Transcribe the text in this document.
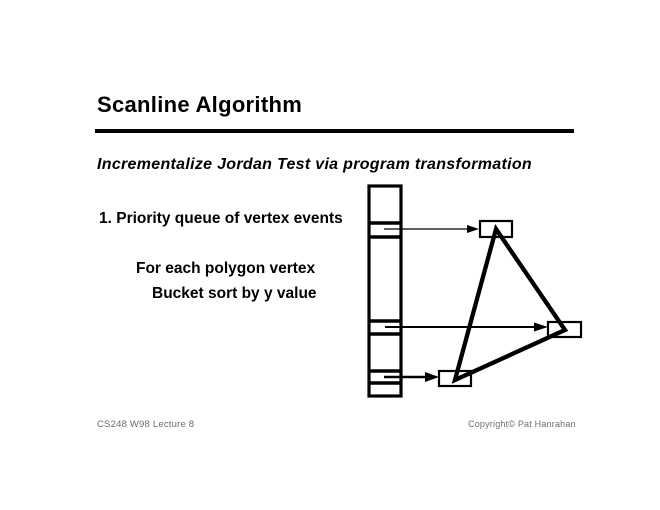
Scanline Algorithm
Incrementalize Jordan Test via program transformation
1. Priority queue of vertex events
For each polygon vertex
Bucket sort by y value
CS248 W98 Lecture 8	Copyright© Pat Hanrahan
